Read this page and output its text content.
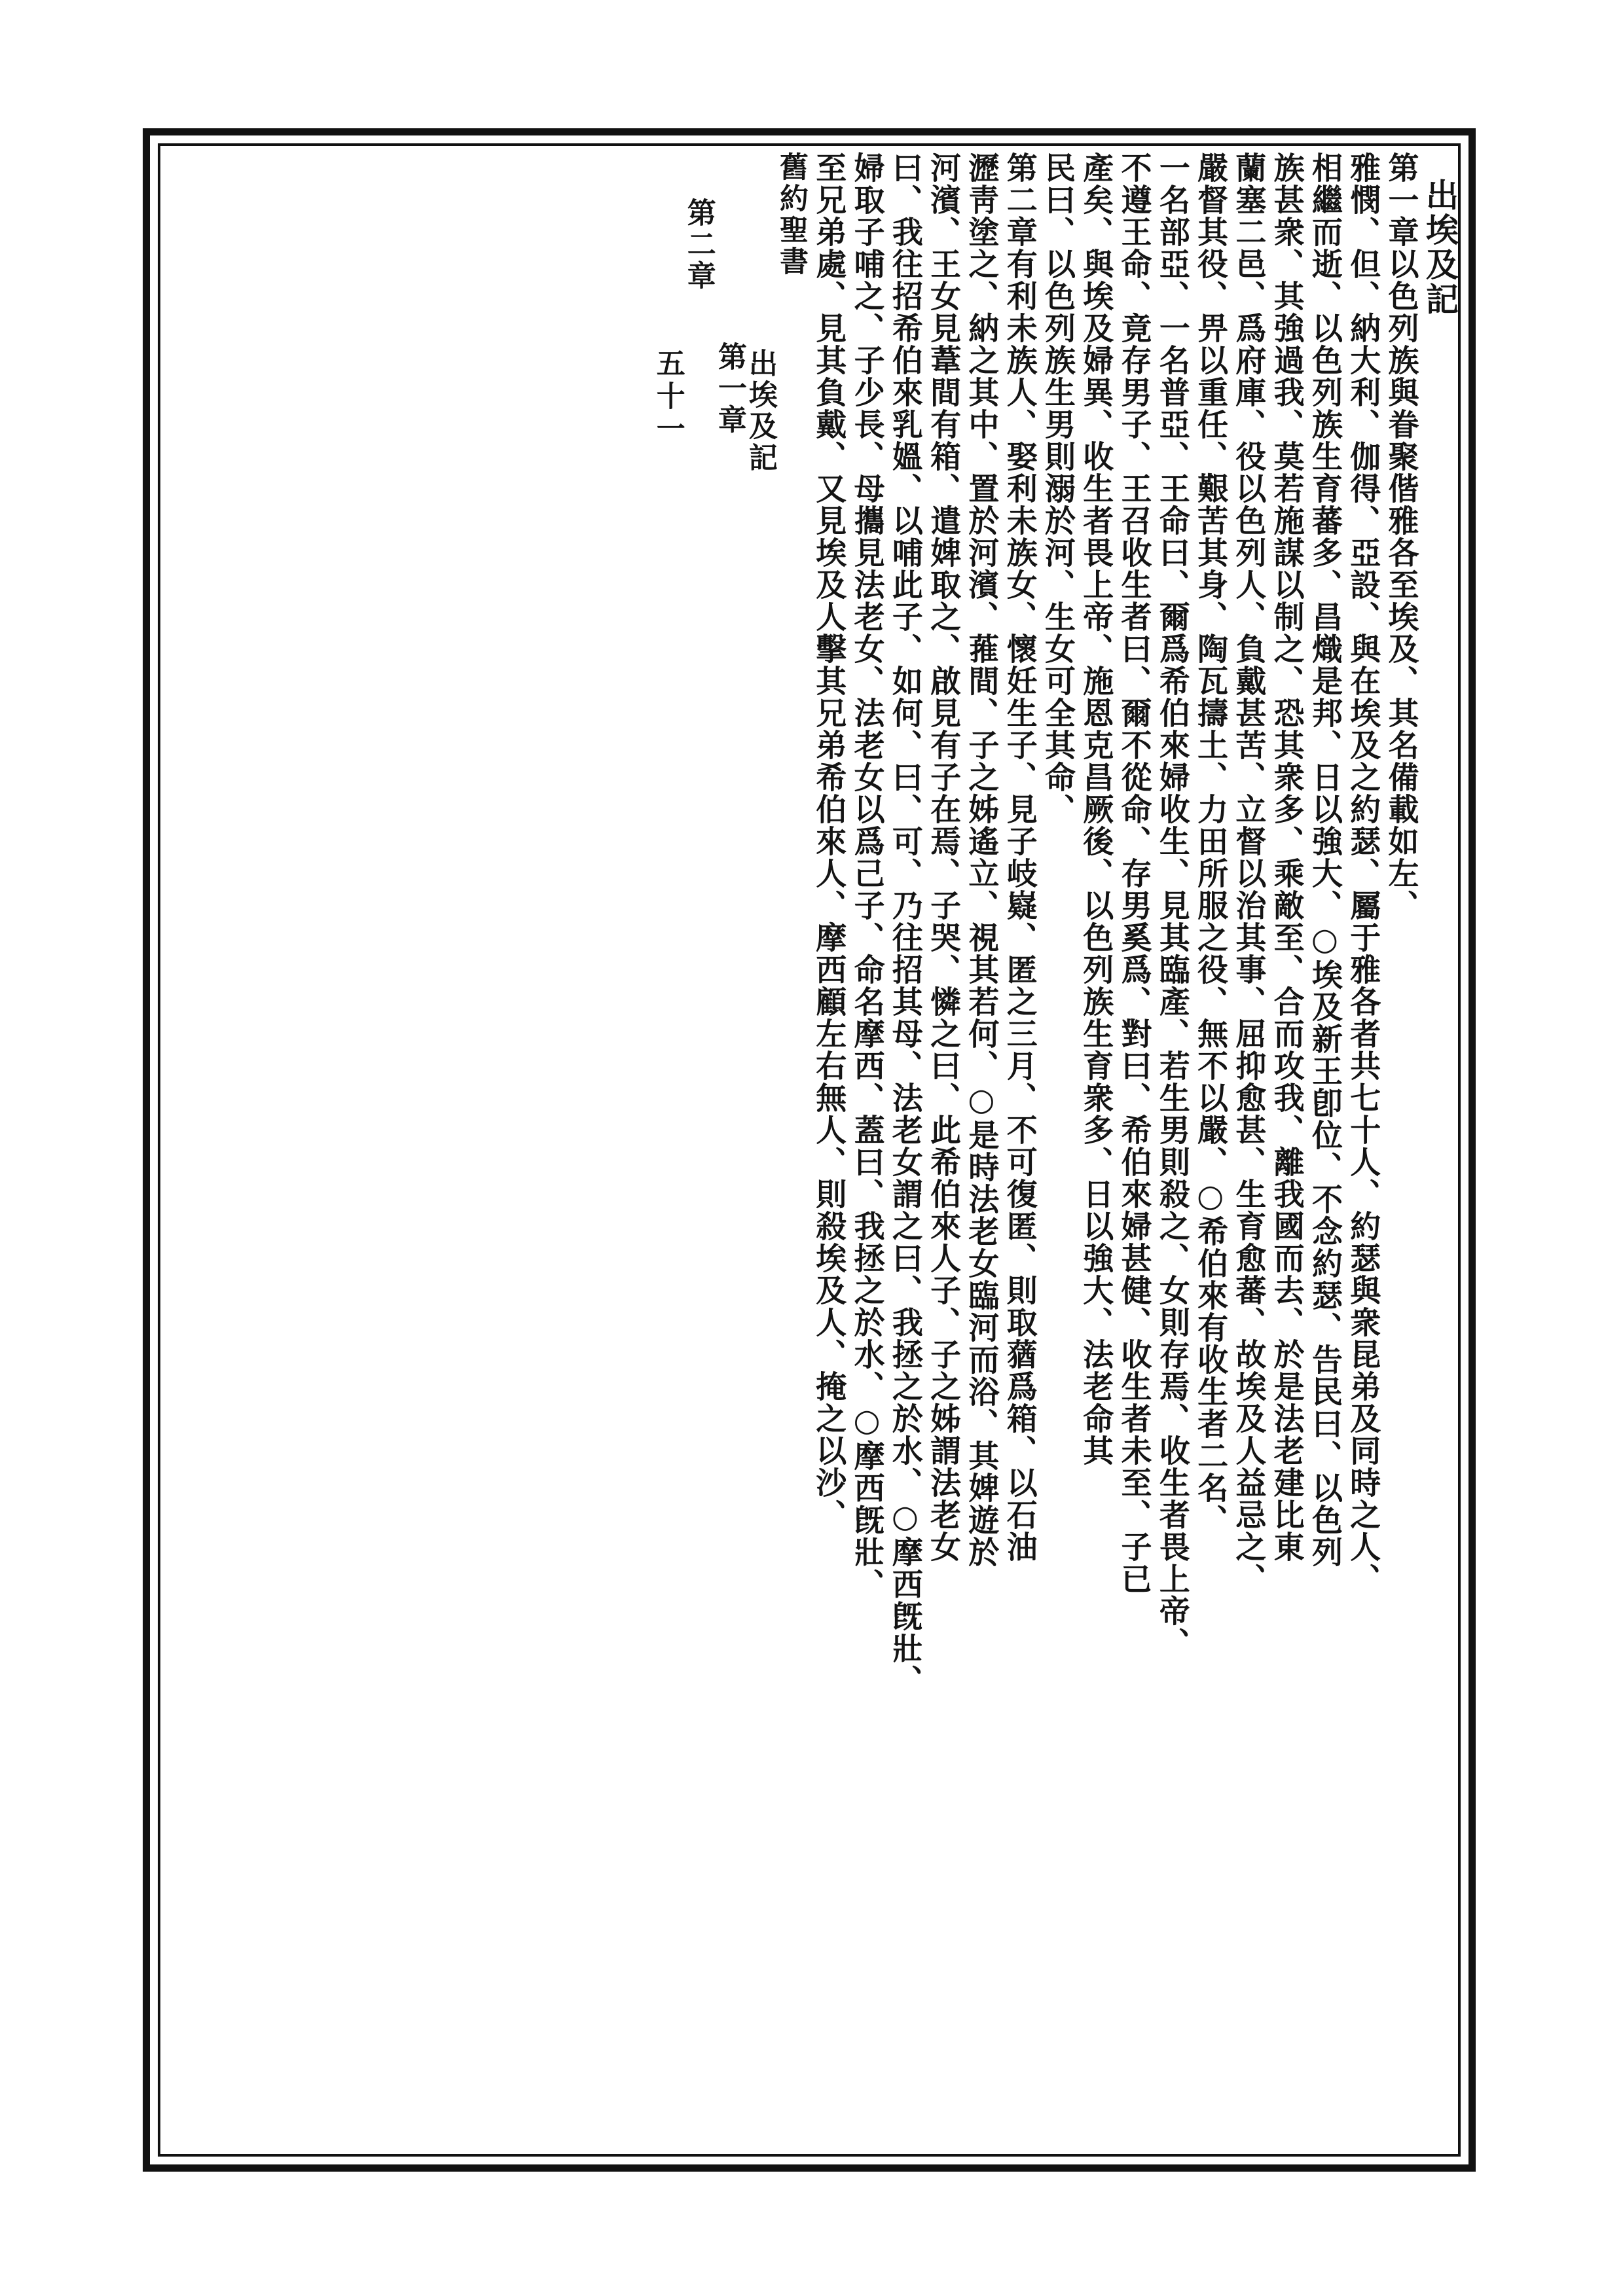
出埃及記
第一章以色列族與眷聚偕雅各至埃及、其名備載如左、
雅憫、但、納大利、伽得、亞設、與在埃及之約瑟、屬于雅各者共七十人、約瑟與衆昆弟及同時之人、
相繼而逝、以色列族生育蕃多、昌熾是邦、日以強大、○埃及新王卽位、不念約瑟、告民曰、以色列
族甚衆、其強過我、莫若施謀以制之、恐其衆多、乘敵至、合而攻我、離我國而去、於是法老建比東
蘭塞二邑、爲府庫、役以色列人、負戴甚苦、立督以治其事、屈抑愈甚、生育愈蕃、故埃及人益忌之、
嚴督其役、畀以重任、艱苦其身、陶瓦擣土、力田所服之役、無不以嚴、○希伯來有收生者二名、
一名部亞、一名普亞、王命曰、爾爲希伯來婦收生、見其臨產、若生男則殺之、女則存焉、收生者畏上帝、
不遵王命、竟存男子、王召收生者曰、爾不從命、存男奚爲、對曰、希伯來婦甚健、收生者未至、子已
產矣、與埃及婦異、收生者畏上帝、施恩克昌厥後、以色列族生育衆多、日以強大、法老命其
民曰、以色列族生男則溺於河、生女可全其命、
第二章有利未族人、娶利未族女、懷妊生子、見子岐嶷、匿之三月、不可復匿、則取蕕爲箱、以石油
瀝靑塗之、納之其中、置於河濱、蓷間、子之姊遙立、視其若何、○是時法老女臨河而浴、其婢遊於
河濱、王女見葦間有箱、遣婢取之、啟見有子在焉、子哭、憐之曰、此希伯來人子、子之姊謂法老女
曰、我往招希伯來乳媼、以哺此子、如何、曰、可、乃往招其母、法老女謂之曰、我拯之於水、○摩西旣壯、
婦取子哺之、子少長、母攜見法老女、法老女以爲己子、命名摩西、蓋曰、我拯之於水、○摩西旣壯、
至兄弟處、見其負戴、又見埃及人擊其兄弟希伯來人、摩西顧左右無人、則殺埃及人、掩之以沙、
舊約聖書
出埃及記
第一章
第二章
五十一
